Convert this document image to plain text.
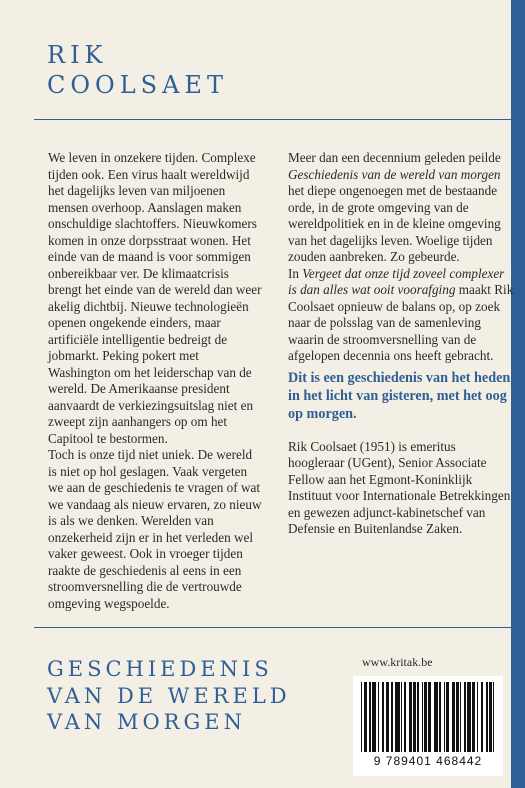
RIK
COOLSAET

We leven in onzekere tijden. Complexe tijden ook. Een virus haalt wereldwijd het dagelijks leven van miljoenen mensen overhoop. Aanslagen maken onschuldige slachtoffers. Nieuwkomers komen in onze dorpsstraat wonen. Het einde van de maand is voor sommigen onbereikbaar ver. De klimaatcrisis brengt het einde van de wereld dan weer akelig dichtbij. Nieuwe technologieën openen ongekende einders, maar artificiële intelligentie bedreigt de jobmarkt. Peking pokert met Washington om het leiderschap van de wereld. De Amerikaanse president aanvaardt de verkiezingsuitslag niet en zweept zijn aanhangers op om het Capitool te bestormen.

Toch is onze tijd niet uniek. De wereld is niet op hol geslagen. Vaak vergeten we aan de geschiedenis te vragen of wat we vandaag als nieuw ervaren, zo nieuw is als we denken. Werelden van onzekerheid zijn er in het verleden wel vaker geweest. Ook in vroeger tijden raakte de geschiedenis al eens in een stroomversnelling die de vertrouwde omgeving wegspoelde.

Meer dan een decennium geleden peilde Geschiedenis van de wereld van morgen het diepe ongenoegen met de bestaande orde, in de grote omgeving van de wereldpolitiek en in de kleine omgeving van het dagelijks leven. Woelige tijden zouden aanbreken. Zo gebeurde.

In Vergeet dat onze tijd zoveel complexer is dan alles wat ooit voorafging maakt Rik Coolsaet opnieuw de balans op, op zoek naar de polsslag van de samenleving waarin de stroomversnelling van de afgelopen decennia ons heeft gebracht.

Dit is een geschiedenis van het heden, in het licht van gisteren, met het oog op morgen.

Rik Coolsaet (1951) is emeritus hoogleraar (UGent), Senior Associate Fellow aan het Egmont-Koninklijk Instituut voor Internationale Betrekkingen en gewezen adjunct-kabinetschef van Defensie en Buitenlandse Zaken.

GESCHIEDENIS
VAN DE WERELD
VAN MORGEN
www.kritak.be
9 789401 468442
